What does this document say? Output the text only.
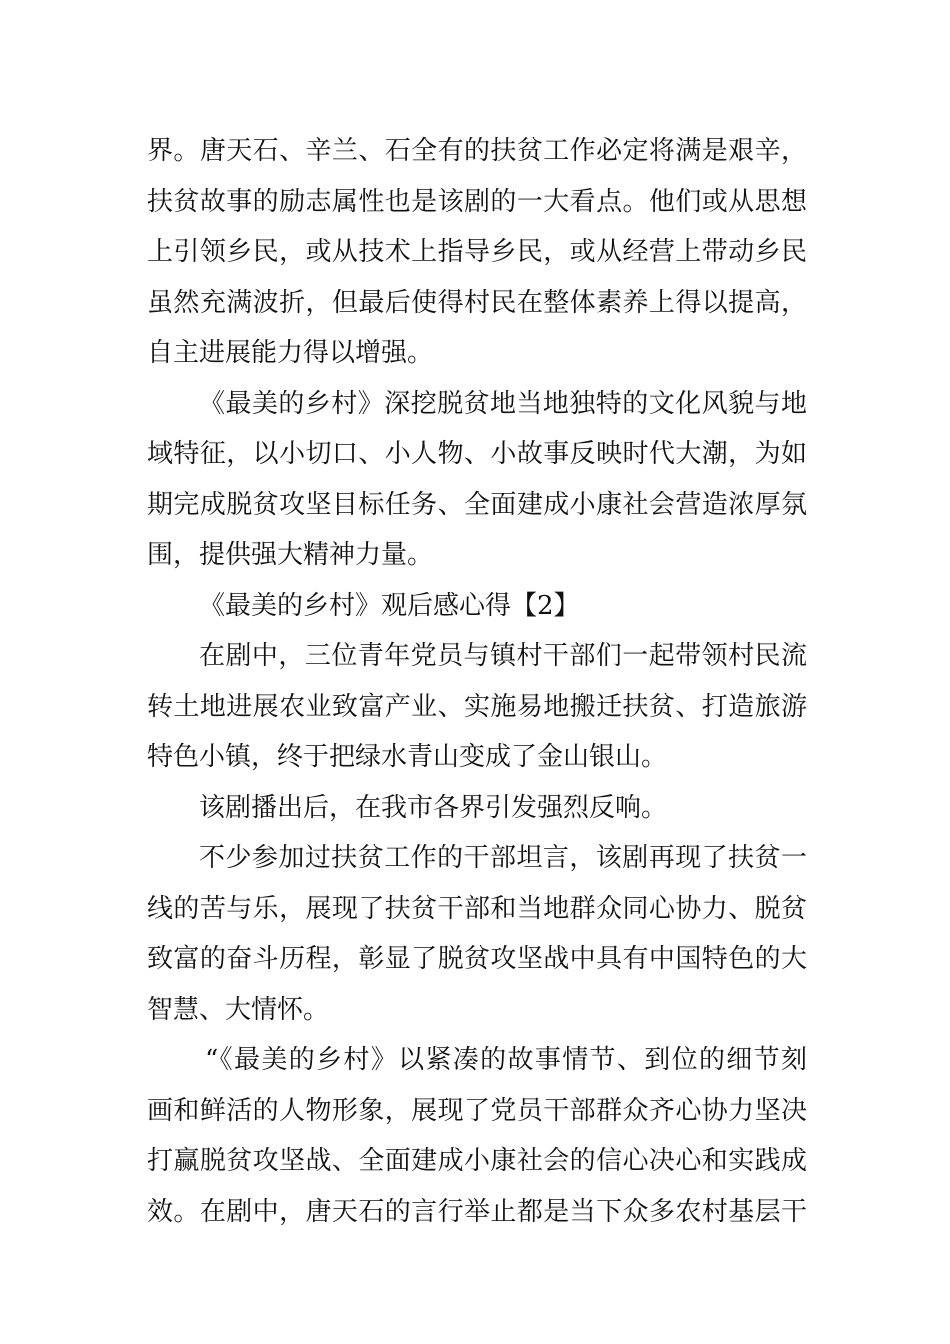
界。唐天石、辛兰、石全有的扶贫工作必定将满是艰辛，
扶贫故事的励志属性也是该剧的一大看点。他们或从思想
上引领乡民，或从技术上指导乡民，或从经营上带动乡民
虽然充满波折，但最后使得村民在整体素养上得以提高，
自主进展能力得以增强。
《最美的乡村》深挖脱贫地当地独特的文化风貌与地
域特征，以小切口、小人物、小故事反映时代大潮，为如
期完成脱贫攻坚目标任务、全面建成小康社会营造浓厚氛
围，提供强大精神力量。
《最美的乡村》观后感心得【2】
在剧中，三位青年党员与镇村干部们一起带领村民流
转土地进展农业致富产业、实施易地搬迁扶贫、打造旅游
特色小镇，终于把绿水青山变成了金山银山。
该剧播出后，在我市各界引发强烈反响。
不少参加过扶贫工作的干部坦言，该剧再现了扶贫一
线的苦与乐，展现了扶贫干部和当地群众同心协力、脱贫
致富的奋斗历程，彰显了脱贫攻坚战中具有中国特色的大
智慧、大情怀。
“《最美的乡村》以紧凑的故事情节、到位的细节刻
画和鲜活的人物形象，展现了党员干部群众齐心协力坚决
打赢脱贫攻坚战、全面建成小康社会的信心决心和实践成
效。在剧中，唐天石的言行举止都是当下众多农村基层干
